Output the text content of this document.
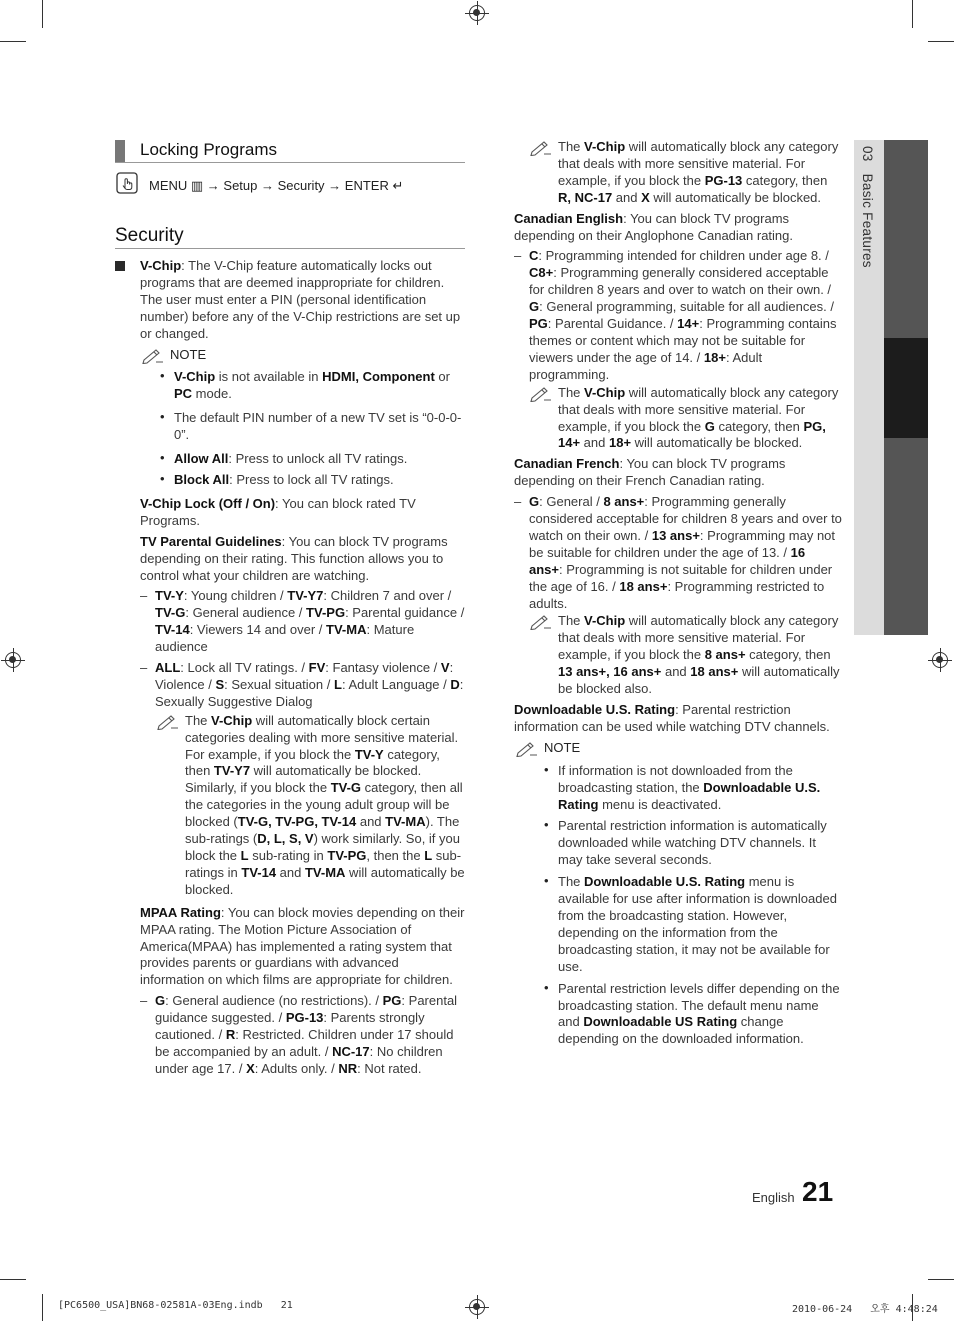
03Basic Features
Locking Programs
MENU ▥ → Setup → Security → ENTER ↵
Security

V-Chip: The V-Chip feature automatically locks out programs that are deemed inappropriate for children. The user must enter a PIN (personal identification number) before any of the V-Chip restrictions are set up or changed.

NOTE
• V-Chip is not available in HDMI, Component or PC mode.
• The default PIN number of a new TV set is “0-0-0-0”.
• Allow All: Press to unlock all TV ratings.
• Block All: Press to lock all TV ratings.

V-Chip Lock (Off / On): You can block rated TV Programs.

TV Parental Guidelines: You can block TV programs depending on their rating. This function allows you to control what your children are watching.

– TV-Y: Young children / TV-Y7: Children 7 and over / TV-G: General audience / TV-PG: Parental guidance / TV-14: Viewers 14 and over / TV-MA: Mature audience
– ALL: Lock all TV ratings. / FV: Fantasy violence / V: Violence / S: Sexual situation / L: Adult Language / D: Sexually Suggestive Dialog
The V-Chip will automatically block certain categories dealing with more sensitive material. For example, if you block the TV-Y category, then TV-Y7 will automatically be blocked. Similarly, if you block the TV-G category, then all the categories in the young adult group will be blocked (TV-G, TV-PG, TV-14 and TV-MA). The sub-ratings (D, L, S, V) work similarly. So, if you block the L sub-rating in TV-PG, then the L sub-ratings in TV-14 and TV-MA will automatically be blocked.

MPAA Rating: You can block movies depending on their MPAA rating. The Motion Picture Association of America(MPAA) has implemented a rating system that provides parents or guardians with advanced information on which films are appropriate for children.

– G: General audience (no restrictions). / PG: Parental guidance suggested. / PG-13: Parents strongly cautioned. / R: Restricted. Children under 17 should be accompanied by an adult. / NC-17: No children under age 17. / X: Adults only. / NR: Not rated.
The V-Chip will automatically block any category that deals with more sensitive material. For example, if you block the PG-13 category, then R, NC-17 and X will automatically be blocked.

Canadian English: You can block TV programs depending on their Anglophone Canadian rating.

– C: Programming intended for children under age 8. / C8+: Programming generally considered acceptable for children 8 years and over to watch on their own. / G: General programming, suitable for all audiences. / PG: Parental Guidance. / 14+: Programming contains themes or content which may not be suitable for viewers under the age of 14. / 18+: Adult programming.
The V-Chip will automatically block any category that deals with more sensitive material. For example, if you block the G category, then PG, 14+ and 18+ will automatically be blocked.

Canadian French: You can block TV programs depending on their French Canadian rating.

– G: General / 8 ans+: Programming generally considered acceptable for children 8 years and over to watch on their own. / 13 ans+: Programming may not be suitable for children under the age of 13. / 16 ans+: Programming is not suitable for children under the age of 16. / 18 ans+: Programming restricted to adults.
The V-Chip will automatically block any category that deals with more sensitive material. For example, if you block the 8 ans+ category, then 13 ans+, 16 ans+ and 18 ans+ will automatically be blocked also.

Downloadable U.S. Rating: Parental restriction information can be used while watching DTV channels.

NOTE
• If information is not downloaded from the broadcasting station, the Downloadable U.S. Rating menu is deactivated.
• Parental restriction information is automatically downloaded while watching DTV channels. It may take several seconds.
• The Downloadable U.S. Rating menu is available for use after information is downloaded from the broadcasting station. However, depending on the information from the broadcasting station, it may not be available for use.
• Parental restriction levels differ depending on the broadcasting station. The default menu name and Downloadable US Rating change depending on the downloaded information.
English 21
[PC6500_USA]BN68-02581A-03Eng.indb   21	2010-06-24   오후 4:48:24
